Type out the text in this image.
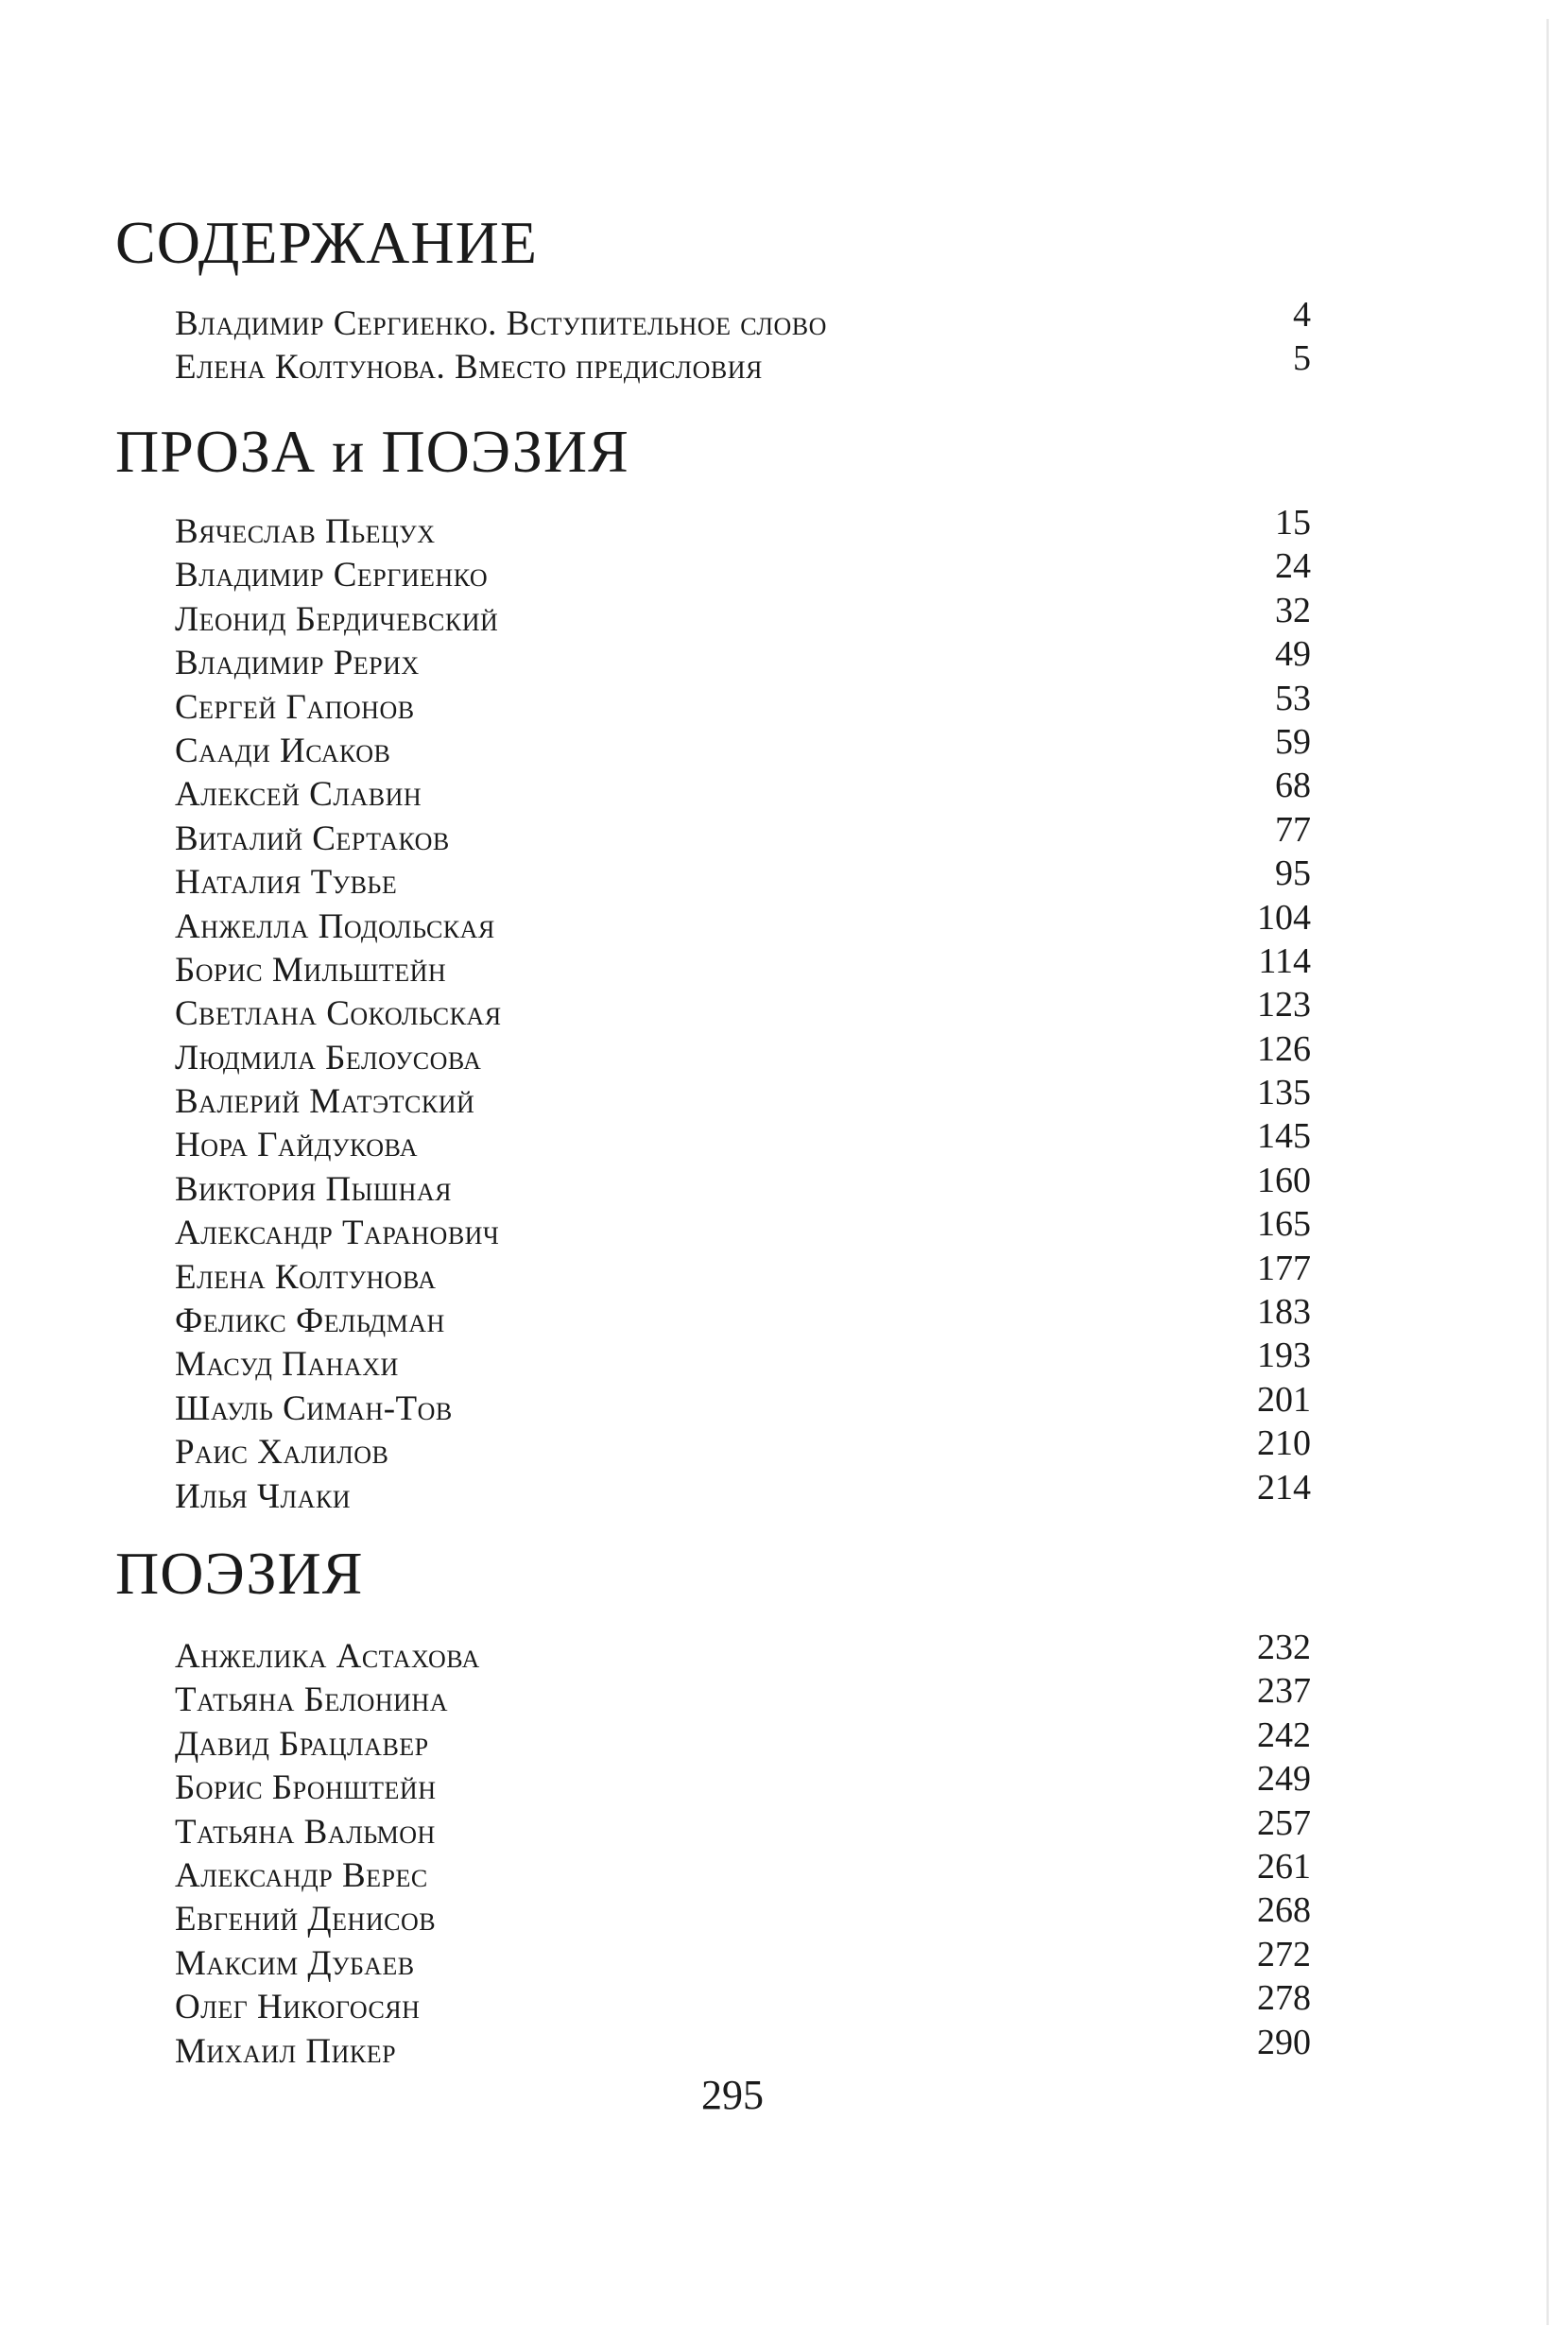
СОДЕРЖАНИЕ
Владимир Сергиенко. Вступительное слово	4
Елена Колтунова. Вместо предисловия	5
ПРОЗА и ПОЭЗИЯ
Вячеслав Пьецух	15
Владимир Сергиенко	24
Леонид Бердичевский	32
Владимир Рерих	49
Сергей Гапонов	53
Саади Исаков	59
Алексей Славин	68
Виталий Сертаков	77
Наталия Тувье	95
Анжелла Подольская	104
Борис Мильштейн	114
Светлана Сокольская	123
Людмила Белоусова	126
Валерий Матэтский	135
Нора Гайдукова	145
Виктория Пышная	160
Александр Таранович	165
Елена Колтунова	177
Феликс Фельдман	183
Масуд Панахи	193
Шауль Симан-Тов	201
Раис Халилов	210
Илья Члаки	214
ПОЭЗИЯ
Анжелика Астахова	232
Татьяна Белонина	237
Давид Брацлавер	242
Борис Бронштейн	249
Татьяна Вальмон	257
Александр Верес	261
Евгений Денисов	268
Максим Дубаев	272
Олег Никогосян	278
Михаил Пикер	290
295
